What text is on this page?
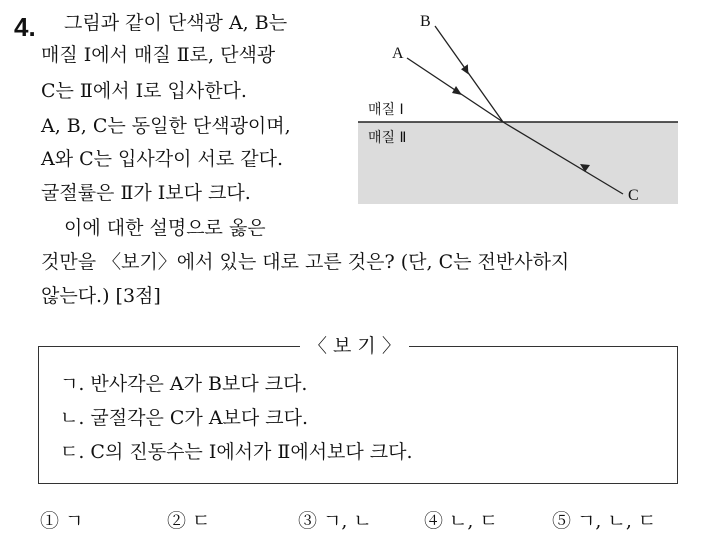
4. 그림과 같이 단색광 A, B는
매질 Ⅰ에서 매질 Ⅱ로, 단색광
C는 Ⅱ에서 Ⅰ로 입사한다.
A, B, C는 동일한 단색광이며,
A와 C는 입사각이 서로 같다.
굴절률은 Ⅱ가 Ⅰ보다 크다.
이에 대한 설명으로 옳은
것만을 〈보기〉에서 있는 대로 고른 것은? (단, C는 전반사하지
않는다.) [3점]
B
A
C
매질 Ⅰ
매질 Ⅱ
〈 보 기 〉
ㄱ. 반사각은 A가 B보다 크다.
ㄴ. 굴절각은 C가 A보다 크다.
ㄷ. C의 진동수는 Ⅰ에서가 Ⅱ에서보다 크다.
① ㄱ	② ㄷ	③ ㄱ, ㄴ	④ ㄴ, ㄷ	⑤ ㄱ, ㄴ, ㄷ
